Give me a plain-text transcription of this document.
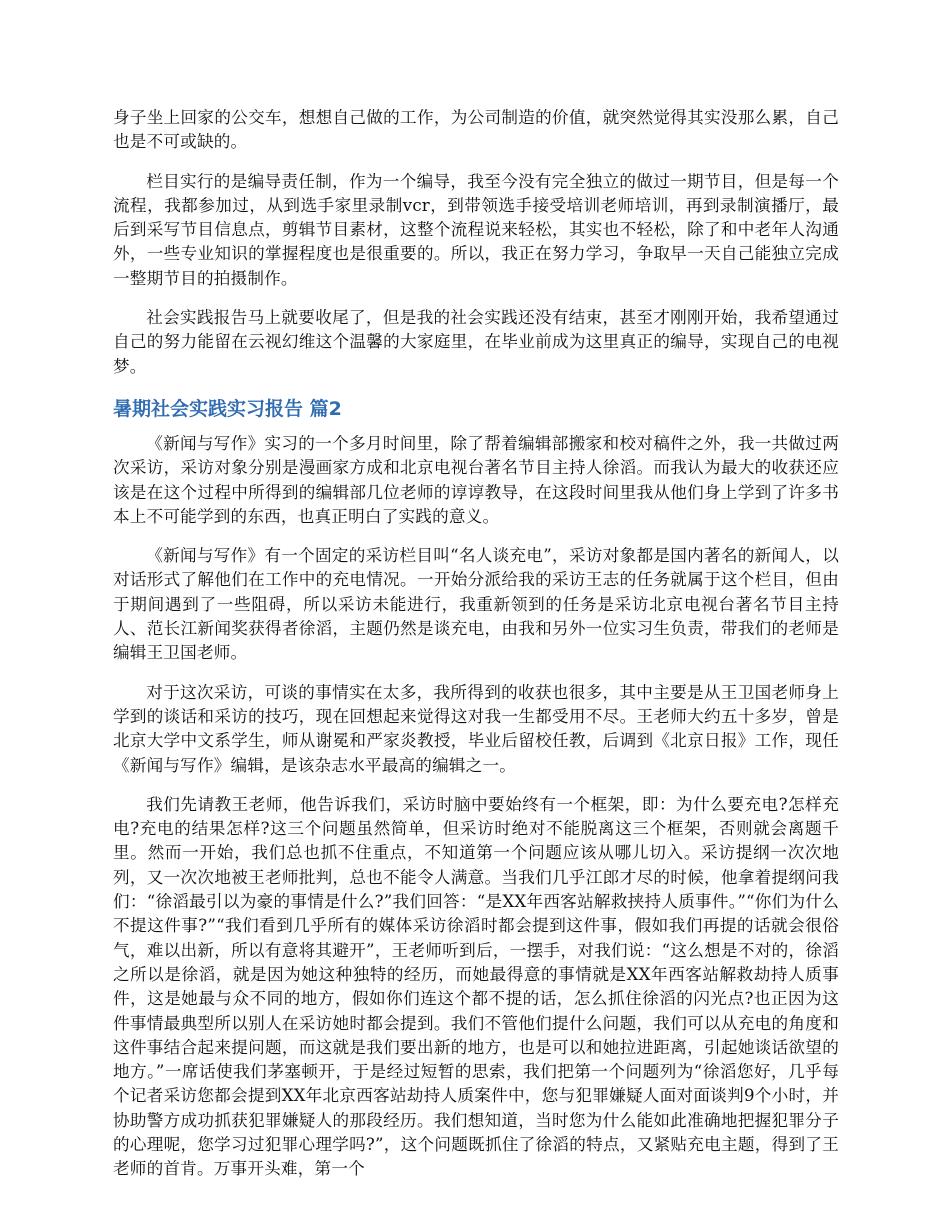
身子坐上回家的公交车，想想自己做的工作，为公司制造的价值，就突然觉得其实没那么累，自己也是不可或缺的。

栏目实行的是编导责任制，作为一个编导，我至今没有完全独立的做过一期节目，但是每一个流程，我都参加过，从到选手家里录制vcr，到带领选手接受培训老师培训，再到录制演播厅，最后到采写节目信息点，剪辑节目素材，这整个流程说来轻松，其实也不轻松，除了和中老年人沟通外，一些专业知识的掌握程度也是很重要的。所以，我正在努力学习，争取早一天自己能独立完成一整期节目的拍摄制作。

社会实践报告马上就要收尾了，但是我的社会实践还没有结束，甚至才刚刚开始，我希望通过自己的努力能留在云视幻维这个温馨的大家庭里，在毕业前成为这里真正的编导，实现自己的电视梦。

暑期社会实践实习报告 篇2

《新闻与写作》实习的一个多月时间里，除了帮着编辑部搬家和校对稿件之外，我一共做过两次采访，采访对象分别是漫画家方成和北京电视台著名节目主持人徐滔。而我认为最大的收获还应该是在这个过程中所得到的编辑部几位老师的谆谆教导，在这段时间里我从他们身上学到了许多书本上不可能学到的东西，也真正明白了实践的意义。

《新闻与写作》有一个固定的采访栏目叫“名人谈充电”，采访对象都是国内著名的新闻人，以对话形式了解他们在工作中的充电情况。一开始分派给我的采访王志的任务就属于这个栏目，但由于期间遇到了一些阻碍，所以采访未能进行，我重新领到的任务是采访北京电视台著名节目主持人、范长江新闻奖获得者徐滔，主题仍然是谈充电，由我和另外一位实习生负责，带我们的老师是编辑王卫国老师。

对于这次采访，可谈的事情实在太多，我所得到的收获也很多，其中主要是从王卫国老师身上学到的谈话和采访的技巧，现在回想起来觉得这对我一生都受用不尽。王老师大约五十多岁，曾是北京大学中文系学生，师从谢冕和严家炎教授，毕业后留校任教，后调到《北京日报》工作，现任《新闻与写作》编辑，是该杂志水平最高的编辑之一。

我们先请教王老师，他告诉我们，采访时脑中要始终有一个框架，即：为什么要充电?怎样充电?充电的结果怎样?这三个问题虽然简单，但采访时绝对不能脱离这三个框架，否则就会离题千里。然而一开始，我们总也抓不住重点，不知道第一个问题应该从哪儿切入。采访提纲一次次地列，又一次次地被王老师批判，总也不能令人满意。当我们几乎江郎才尽的时候，他拿着提纲问我们：“徐滔最引以为豪的事情是什么?”我们回答：“是XX年西客站解救挟持人质事件。”“你们为什么不提这件事?”“我们看到几乎所有的媒体采访徐滔时都会提到这件事，假如我们再提的话就会很俗气，难以出新，所以有意将其避开”，王老师听到后，一摆手，对我们说：“这么想是不对的，徐滔之所以是徐滔，就是因为她这种独特的经历，而她最得意的事情就是XX年西客站解救劫持人质事件，这是她最与众不同的地方，假如你们连这个都不提的话，怎么抓住徐滔的闪光点?也正因为这件事情最典型所以别人在采访她时都会提到。我们不管他们提什么问题，我们可以从充电的角度和这件事结合起来提问题，而这就是我们要出新的地方，也是可以和她拉进距离，引起她谈话欲望的地方。”一席话使我们茅塞顿开，于是经过短暂的思索，我们把第一个问题列为“徐滔您好，几乎每个记者采访您都会提到XX年北京西客站劫持人质案件中，您与犯罪嫌疑人面对面谈判9个小时，并协助警方成功抓获犯罪嫌疑人的那段经历。我们想知道，当时您为什么能如此准确地把握犯罪分子的心理呢，您学习过犯罪心理学吗?”，这个问题既抓住了徐滔的特点，又紧贴充电主题，得到了王老师的首肯。万事开头难，第一个
